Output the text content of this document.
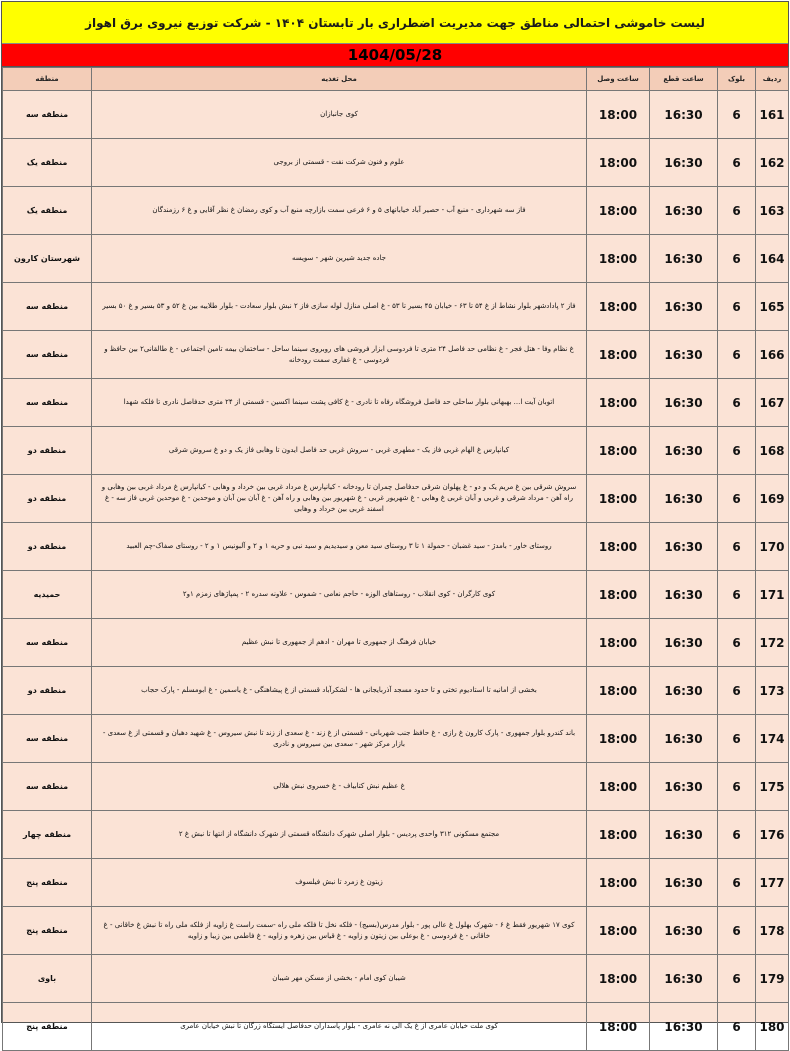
لیست خاموشی احتمالی مناطق جهت مدیریت اضطراری بار تابستان ۱۴۰۴ - شرکت توزیع نیروی برق اهواز
1404/05/28
ردیف	بلوک	ساعت قطع	ساعت وصل	محل تغذیه	منطقه
161	6	16:30	18:00	کوی جانبازان	منطقه سه
162	6	16:30	18:00	علوم و فنون شرکت نفت - قسمتی از بروجی	منطقه یک
163	6	16:30	18:00	فاز سه شهرداری - منبع آب - حصیر آباد خیابانهای ۵ و ۶ فرعی سمت بازارچه منبع آب و کوی رمضان غ نظر آقایی و غ ۶ رزمندگان	منطقه یک
164	6	16:30	18:00	جاده جدید شیرین شهر - سویسه	شهرستان کارون
165	6	16:30	18:00	فاز ۲ پادادشهر بلوار نشاط از غ ۵۴ تا ۶۳ - خیابان ۴۵ بسیر تا ۵۳ - غ اصلی منازل لوله سازی فاز ۲ نبش بلوار سعادت - بلوار طلاییه بین غ ۵۲ و ۵۳ بسیر و غ ۵۰ بسیر	منطقه سه
166	6	16:30	18:00	غ نظام وفا - هتل فجر - غ نظامی حد فاصل ۲۴ متری تا فردوسی ابزار فروشی های روبروی سینما ساحل - ساختمان بیمه تامین اجتماعی - غ طالقانی۲ بین حافظ و فردوسی - غ غفاری سمت رودخانه	منطقه سه
167	6	16:30	18:00	اتوبان آیت ا... بهبهانی بلوار ساحلی حد فاصل فروشگاه رفاه تا نادری - غ کافی پشت سینما اکسین - قسمتی از ۲۴ متری حدفاصل نادری تا فلکه شهدا	منطقه سه
168	6	16:30	18:00	کیانپارس غ الهام غربی فاز یک - مطهری غربی - سروش غربی حد فاصل ایدون تا وهابی فاز یک و دو غ سروش شرقی	منطقه دو
169	6	16:30	18:00	سروش شرقی بین غ مریم یک و دو - غ پهلوان شرقی حدفاصل چمران تا رودخانه - کیانپارس غ مرداد غربی بین خرداد و وهابی - کیانپارس غ مرداد غربی بین وهابی و راه آهن - مرداد شرقی و غربی و آبان غربی غ وهابی - غ شهریور غربی - غ شهریور بین وهابی و راه آهن - غ آبان بین آبان و موحدین - غ موحدین غربی فاز سه - غ اسفند غربی بین خرداد و وهابی	منطقه دو
170	6	16:30	18:00	روستای خاور - بامدژ - سید غضبان - حمولة ۱ تا ۳ روستای سید معن و سیدیدیم و سید نبی و حریه ۱ و ۲ و آلبونیس ۱ و ۲ - روستای صفاک-چم العبید	منطقه دو
171	6	16:30	18:00	کوی کارگران - کوی انقلاب - روستاهای الوزه - حاجم نعامی - شموس - علاونه سدره ۲ - پمپاژهای زمزم ۱و۲	حمیدیه
172	6	16:30	18:00	خیابان فرهنگ از جمهوری تا مهران - ادهم از جمهوری تا نبش عظیم	منطقه سه
173	6	16:30	18:00	بخشی از امانیه تا استادیوم تختی و تا حدود مسجد آذربایجانی ها - لشکرآباد قسمتی از غ پیشاهنگی - غ یاسمین - غ ابومسلم - پارک حجاب	منطقه دو
174	6	16:30	18:00	باند کندرو بلوار جمهوری - پارک کارون غ رازی - غ حافظ جنب شهربانی - قسمتی از غ زند - غ سعدی از زند تا نبش سیروس - غ شهید دهبان و قسمتی از غ سعدی - بازار مرکز شهر - سعدی بین سیروس و نادری	منطقه سه
175	6	16:30	18:00	غ عظیم نبش کتابیاف - غ خسروی نبش هلالی	منطقه سه
176	6	16:30	18:00	مجتمع مسکونی ۳۱۲ واحدی پردیس - بلوار اصلی شهرک دانشگاه قسمتی از شهرک دانشگاه از انتها تا نبش غ ۲	منطقه چهار
177	6	16:30	18:00	زیتون غ زمرد تا نبش فیلسوف	منطقه پنج
178	6	16:30	18:00	کوی ۱۷ شهریور فقط غ ۶ - شهرک بهلول غ عالی پور - بلوار مدرس(بسیج) - فلکه نخل تا فلکه ملی راه -سمت راست غ زاویه از فلکه ملی راه تا نبش غ خاقانی - غ خاقانی - غ فردوسی - غ بوعلی بین زیتون و زاویه - غ قیاس بین زهره و زاویه - غ فاطمی بین زیبا و زاویه	منطقه پنج
179	6	16:30	18:00	شیبان کوی امام - بخشی از مسکن مهر شیبان	باوی
180	6	16:30	18:00	کوی ملت خیابان عامری از غ یک الی نه عامری - بلوار پاسداران حدفاصل ایستگاه زرگان تا نبش خیابان عامری	منطقه پنج
